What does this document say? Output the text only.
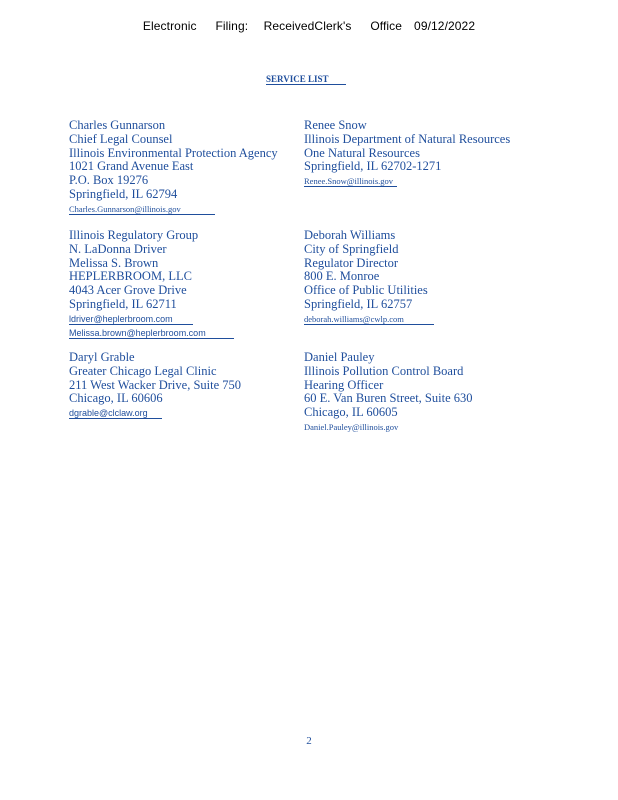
Electronic Filing: ReceivedClerk's Office 09/12/2022
SERVICE LIST
Charles Gunnarson
Chief Legal Counsel
Illinois Environmental Protection Agency
1021 Grand Avenue East
P.O. Box 19276
Springfield, IL 62794
Charles.Gunnarson@illinois.gov
Renee Snow
Illinois Department of Natural Resources
One Natural Resources
Springfield, IL 62702-1271
Renee.Snow@illinois.gov
Illinois Regulatory Group
N. LaDonna Driver
Melissa S. Brown
HEPLERBROOM, LLC
4043 Acer Grove Drive
Springfield, IL 62711
ldriver@heplerbroom.com
Melissa.brown@heplerbroom.com
Deborah Williams
City of Springfield
Regulator Director
800 E. Monroe
Office of Public Utilities
Springfield, IL 62757
deborah.williams@cwlp.com
Daryl Grable
Greater Chicago Legal Clinic
211 West Wacker Drive, Suite 750
Chicago, IL 60606
dgrable@clclaw.org
Daniel Pauley
Illinois Pollution Control Board
Hearing Officer
60 E. Van Buren Street, Suite 630
Chicago, IL 60605
Daniel.Pauley@illinois.gov
2
